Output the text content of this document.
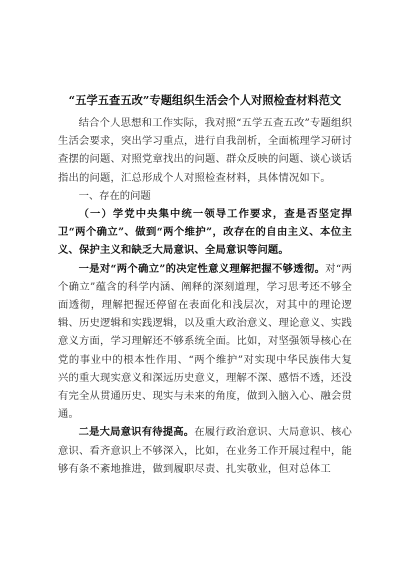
“五学五查五改”专题组织生活会个人对照检查材料范文

结合个人思想和工作实际，我对照“五学五查五改”专题组织生活会要求，突出学习重点，进行自我剖析，全面梳理学习研讨查摆的问题、对照党章找出的问题、群众反映的问题、谈心谈话指出的问题，汇总形成个人对照检查材料，具体情况如下。

一、存在的问题

（一）学党中央集中统一领导工作要求，查是否坚定捍卫“两个确立”、做到“两个维护”，改存在的自由主义、本位主义、保护主义和缺乏大局意识、全局意识等问题。

一是对“两个确立”的决定性意义理解把握不够透彻。对“两个确立”蕴含的科学内涵、阐释的深刻道理，学习思考还不够全面透彻，理解把握还停留在表面化和浅层次，对其中的理论逻辑、历史逻辑和实践逻辑，以及重大政治意义、理论意义、实践意义方面，学习理解还不够系统全面。比如，对坚强领导核心在党的事业中的根本性作用、“两个维护”对实现中华民族伟大复兴的重大现实意义和深远历史意义，理解不深、感悟不透，还没有完全从贯通历史、现实与未来的角度，做到入脑入心、融会贯通。

二是大局意识有待提高。在履行政治意识、大局意识、核心意识、看齐意识上不够深入，比如，在业务工作开展过程中，能够有条不紊地推进，做到履职尽责、扎实敬业，但对总体工
